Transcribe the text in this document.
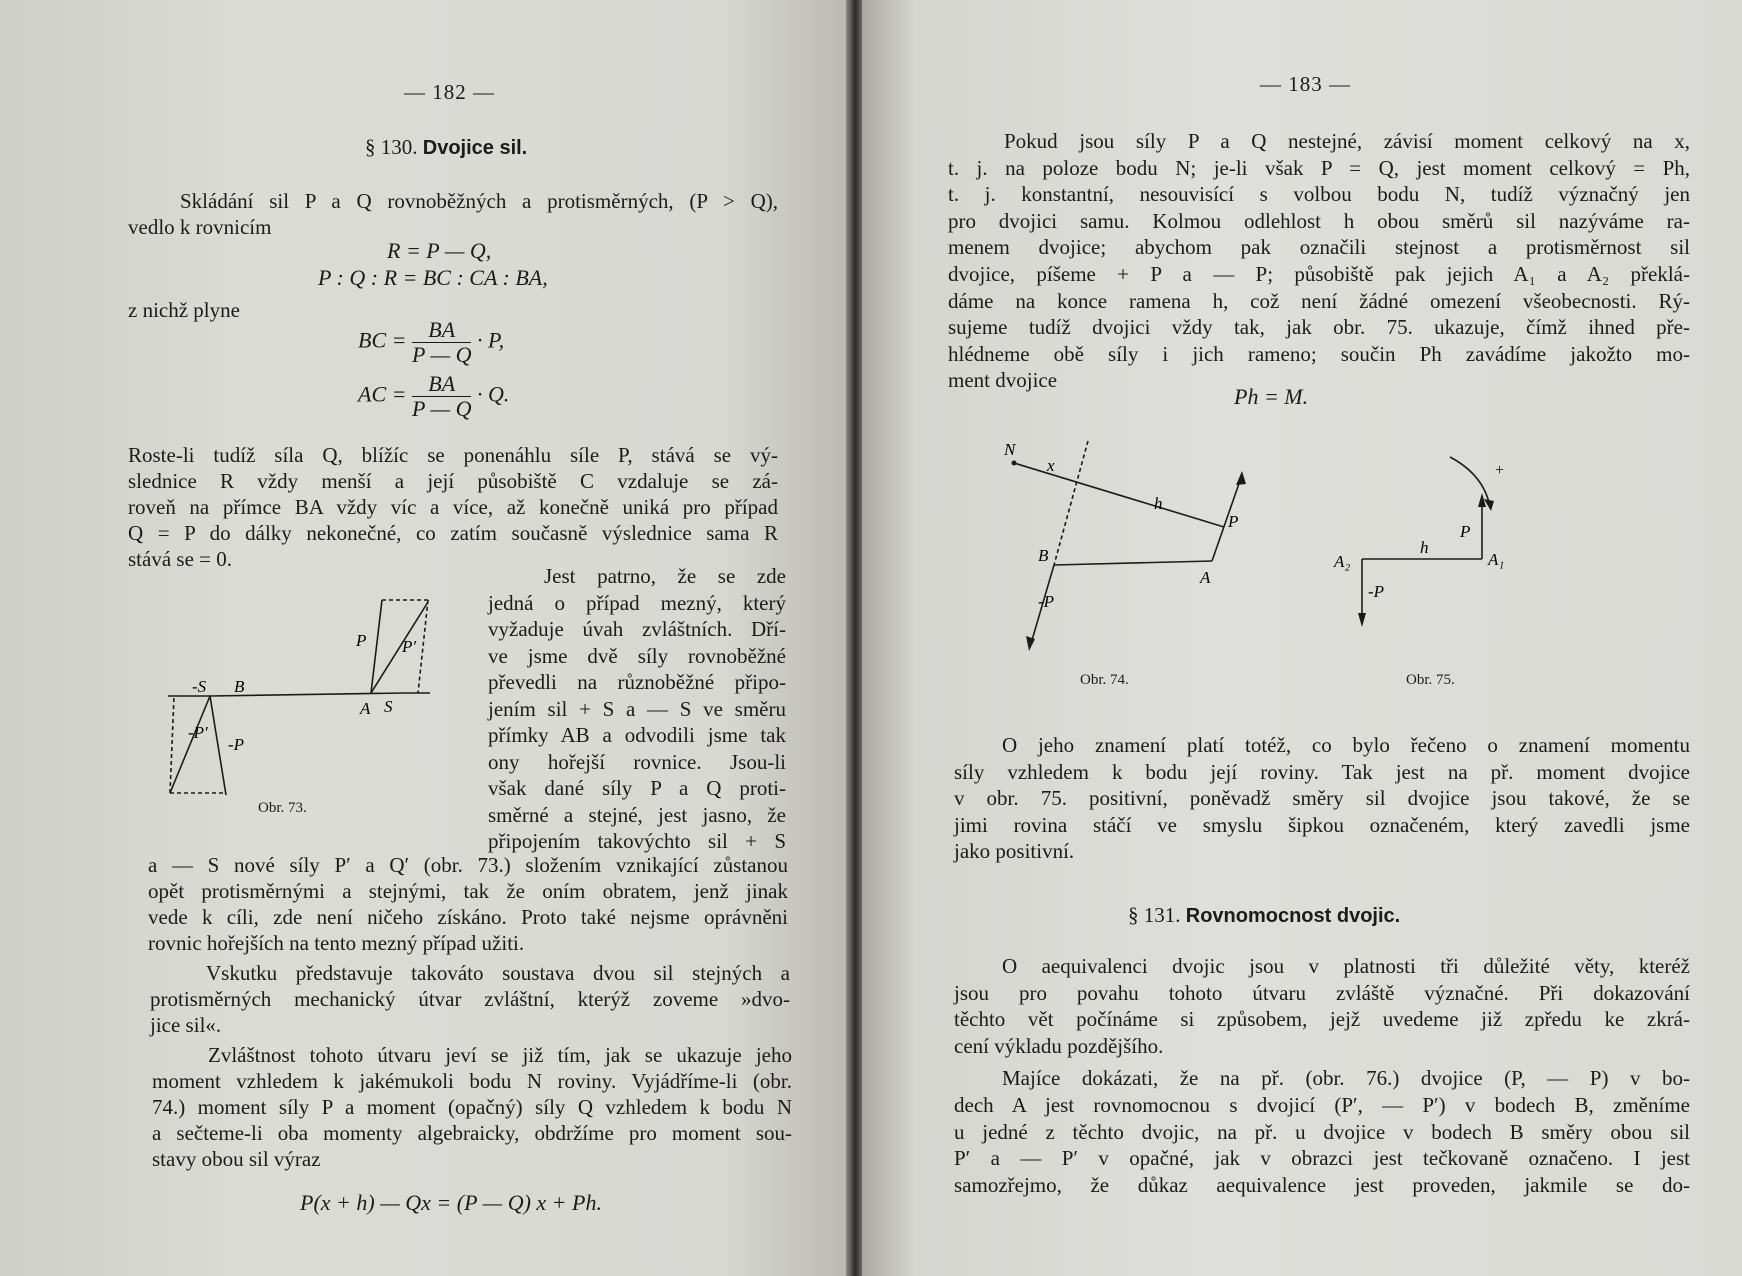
— 182 —
§ 130. Dvojice sil.
Skládání sil P a Q rovnoběžných a protisměrných, (P > Q),
vedlo k rovnicím
R = P — Q,
P : Q : R = BC : CA : BA,
z nichž plyne
BC = $\frac{BA}{P — Q} \cdot P$,
AC = $\frac{BA}{P — Q} \cdot Q$.
Roste-li tudíž síla Q, blížíc se ponenáhlu síle P, stává se vý-
slednice R vždy menší a její působiště C vzdaluje se zá-
roveň na přímce BA vždy víc a více, až konečně uniká pro případ
Q = P do dálky nekonečné, co zatím současně výslednice sama R
stává se = 0.
Jest patrno, že se zde
jedná o případ mezný, který
vyžaduje úvah zvláštních. Dří-
ve jsme dvě síly rovnoběžné
převedli na různoběžné připo-
jením sil + S a — S ve směru
přímky AB a odvodili jsme tak
ony hořejší rovnice. Jsou-li
však dané síly P a Q proti-
směrné a stejné, jest jasno, že
připojením takovýchto sil + S
-S B
P P′
A S
-P′
-P
Obr. 73.
a — S nové síly P′ a Q′ (obr. 73.) složením vznikající zůstanou
opět protisměrnými a stejnými, tak že oním obratem, jenž jinak
vede k cíli, zde není ničeho získáno. Proto také nejsme oprávněni
rovnic hořejších na tento mezný případ užiti.
Vskutku představuje takováto soustava dvou sil stejných a
protisměrných mechanický útvar zvláštní, kterýž zoveme »dvo-
jice sil«.
Zvláštnost tohoto útvaru jeví se již tím, jak se ukazuje jeho
moment vzhledem k jakémukoli bodu N roviny. Vyjádříme-li (obr.
74.) moment síly P a moment (opačný) síly Q vzhledem k bodu N
a sečteme-li oba momenty algebraicky, obdržíme pro moment sou-
stavy obou sil výraz
P(x + h) — Qx = (P — Q) x + Ph.
— 183 —
Pokud jsou síly P a Q nestejné, závisí moment celkový na x,
t. j. na poloze bodu N; je-li však P = Q, jest moment celkový = Ph,
t. j. konstantní, nesouvisící s volbou bodu N, tudíž význačný jen
pro dvojici samu. Kolmou odlehlost h obou směrů sil nazýváme ra-
menem dvojice; abychom pak označili stejnost a protisměrnost sil
dvojice, píšeme + P a — P; působiště pak jejich A₁ a A₂ překlá-
dáme na konce ramena h, což není žádné omezení všeobecnosti. Rý-
sujeme tudíž dvojici vždy tak, jak obr. 75. ukazuje, čímž ihned pře-
hlédneme obě síly i jich rameno; součin Ph zavádíme jakožto mo-
ment dvojice
Ph = M.
N
x
h
P
B
A
-P
Obr. 74.
A₂
h
P
A₁
-P
+
Obr. 75.
O jeho znamení platí totéž, co bylo řečeno o znamení momentu
síly vzhledem k bodu její roviny. Tak jest na př. moment dvojice
v obr. 75. positivní, poněvadž směry sil dvojice jsou takové, že se
jimi rovina stáčí ve smyslu šipkou označeném, který zavedli jsme
jako positivní.
§ 131. Rovnomocnost dvojic.
O aequivalenci dvojic jsou v platnosti tři důležité věty, kteréž
jsou pro povahu tohoto útvaru zvláště význačné. Při dokazování
těchto vět počínáme si způsobem, jejž uvedeme již zpředu ke zkrá-
cení výkladu pozdějšího.
Majíce dokázati, že na př. (obr. 76.) dvojice (P, — P) v bo-
dech A jest rovnomocnou s dvojicí (P′, — P′) v bodech B, změníme
u jedné z těchto dvojic, na př. u dvojice v bodech B směry obou sil
P′ a — P′ v opačné, jak v obrazci jest tečkovaně označeno. I jest
samozřejmo, že důkaz aequivalence jest proveden, jakmile se do-
